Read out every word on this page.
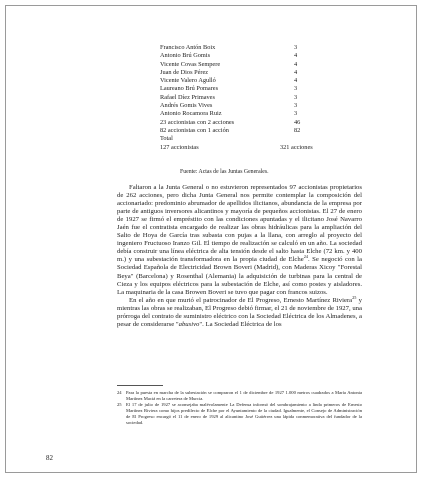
Francisco Antón Boix	3
Antonio Brú Gomis	4
Vicente Covas Sempere	4
Juan de Dios Pérez	4
Vicente Valero Agulló	4
Laureano Brú Pomares	3
Rafael Díez Primaves	3
Andrés Gomis Vives	3
Antonio Rocamora Ruiz	3
23 accionistas con 2 acciones	46
82 accionistas con 1 acción	82
Total
127 accionistas	321 acciones
Fuente: Actas de las Juntas Generales.

Faltaron a la Junta General o no estuvieron representados 97 accionistas propietarios de 262 acciones, pero dicha Junta General nos permite contemplar la composición del accionariado: predominio abrumador de apellidos ilicitanos, abundancia de la empresa por parte de antiguos inversores alicantinos y mayoría de pequeños accionistas. El 27 de enero de 1927 se firmó el empréstito con las condiciones apuntadas y el ilicitano José Navarro Jaén fue el contratista encargado de realizar las obras hidráulicas para la ampliación del Salto de Hoya de García tras subasta con pujas a la llana, con arreglo al proyecto del ingeniero Fructuoso Iranzo Gil. El tiempo de realización se calculó en un año. La sociedad debía construir una línea eléctrica de alta tensión desde el salto hasta Elche (72 km. y 400 m.) y una subestación transformadora en la propia ciudad de Elche$^{24}$. Se negoció con la Sociedad Española de Electricidad Brown Boveri (Madrid), con Maderas Xicoy "Forestal Beya" (Barcelona) y Rosenthal (Alemania) la adquisición de turbinas para la central de Cieza y los equipos eléctricos para la subestación de Elche, así como postes y aisladores. La maquinaria de la casa Browen Boveri se tuvo que pagar con francos suizos.

En el año en que murió el patrocinador de El Progreso, Ernesto Martínez Riviera$^{25}$ y mientras las obras se realizaban, El Progreso debió firmar, el 21 de noviembre de 1927, una prórroga del contrato de suministro eléctrico con la Sociedad Eléctrica de los Almadenes, a pesar de considerarse "abusivo". La Sociedad Eléctrica de los

24 Para la puesta en marcha de la subestación se compraron el 1 de diciembre de 1927 1.000 metros cuadrados a María Antonia Martínez Maciá en la carretera de Murcia.
25 El 17 de julio de 1927 se aconsejaba malévolamente La Defensa informó del sombrajamiento a linda primeros de Ernesto Martínez Riviera como hijos predilecto de Elche por el Ayuntamiento de la ciudad. Igualmente, el Consejo de Administración de El Progreso encargó el 11 de enero de 1929 al alicantino José Gutiérrez una lápida conmemorativa del fundador de la sociedad.
82
